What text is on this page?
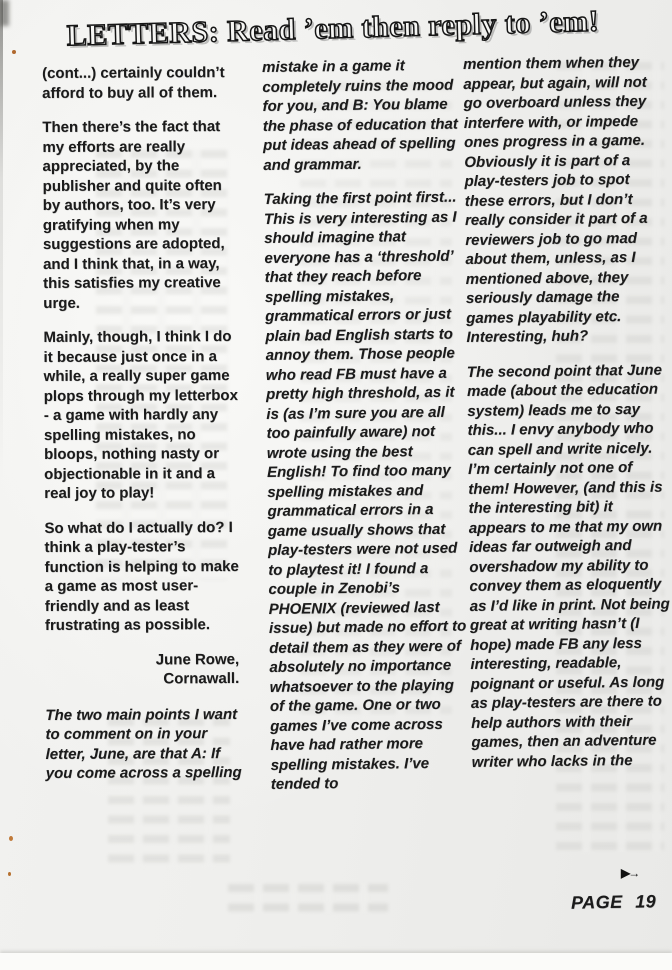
LETTERS: Read ’em then reply to ’em!

(cont...) certainly couldn’t afford to buy all of them.

Then there’s the fact that my efforts are really appreciated, by the publisher and quite often by authors, too. It’s very gratifying when my suggestions are adopted, and I think that, in a way, this satisfies my creative urge.

Mainly, though, I think I do it because just once in a while, a really super game plops through my letterbox - a game with hardly any spelling mistakes, no bloops, nothing nasty or objectionable in it and a real joy to play!

So what do I actually do? I think a play-tester’s function is helping to make a game as most user-friendly and as least frustrating as possible.

June Rowe,

Cornawall.

The two main points I want to comment on in your letter, June, are that A: If you come across a spelling

mistake in a game it completely ruins the mood for you, and B: You blame the phase of education that put ideas ahead of spelling and grammar.

Taking the first point first... This is very interesting as I should imagine that everyone has a ‘threshold’ that they reach before spelling mistakes, grammatical errors or just plain bad English starts to annoy them. Those people who read FB must have a pretty high threshold, as it is (as I’m sure you are all too painfully aware) not wrote using the best English! To find too many spelling mistakes and grammatical errors in a game usually shows that play-testers were not used to playtest it! I found a couple in Zenobi’s PHOENIX (reviewed last issue) but made no effort to detail them as they were of absolutely no importance whatsoever to the playing of the game. One or two games I’ve come across have had rather more spelling mistakes. I’ve tended to

mention them when they appear, but again, will not go overboard unless they interfere with, or impede ones progress in a game. Obviously it is part of a play-testers job to spot these errors, but I don’t really consider it part of a reviewers job to go mad about them, unless, as I mentioned above, they seriously damage the games playability etc. Interesting, huh?

The second point that June made (about the education system) leads me to say this... I envy anybody who can spell and write nicely. I’m certainly not one of them! However, (and this is the interesting bit) it appears to me that my own ideas far outweigh and overshadow my ability to convey them as eloquently as I’d like in print. Not being great at writing hasn’t (I hope) made FB any less interesting, readable, poignant or useful. As long as play-testers are there to help authors with their games, then an adventure writer who lacks in the

▶→
PAGE 19
